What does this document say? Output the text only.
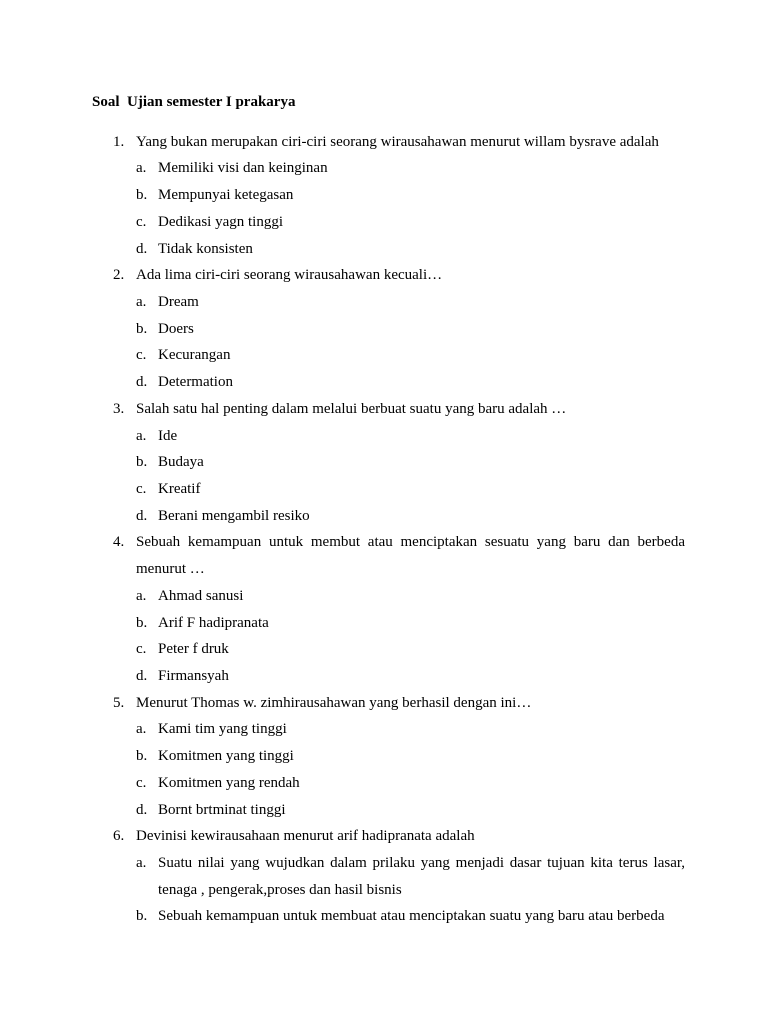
Soal  Ujian semester I prakarya
1. Yang bukan merupakan ciri-ciri seorang wirausahawan menurut willam bysrave adalah
a. Memiliki visi dan keinginan
b. Mempunyai ketegasan
c. Dedikasi yagn tinggi
d. Tidak konsisten
2. Ada lima ciri-ciri seorang wirausahawan kecuali…
a. Dream
b. Doers
c. Kecurangan
d. Determation
3. Salah satu hal penting dalam melalui berbuat suatu yang baru adalah …
a. Ide
b. Budaya
c. Kreatif
d. Berani mengambil resiko
4. Sebuah kemampuan untuk membut atau menciptakan sesuatu yang baru dan berbeda
menurut …
a. Ahmad sanusi
b. Arif F hadipranata
c. Peter f druk
d. Firmansyah
5. Menurut Thomas w. zimhirausahawan yang berhasil dengan ini…
a. Kami tim yang tinggi
b. Komitmen yang tinggi
c. Komitmen yang rendah
d. Bornt brtminat tinggi
6. Devinisi kewirausahaan menurut arif hadipranata adalah
a. Suatu nilai yang wujudkan dalam prilaku yang menjadi dasar tujuan kita terus lasar,
tenaga , pengerak,proses dan hasil bisnis
b. Sebuah kemampuan untuk membuat atau menciptakan suatu yang baru atau berbeda
